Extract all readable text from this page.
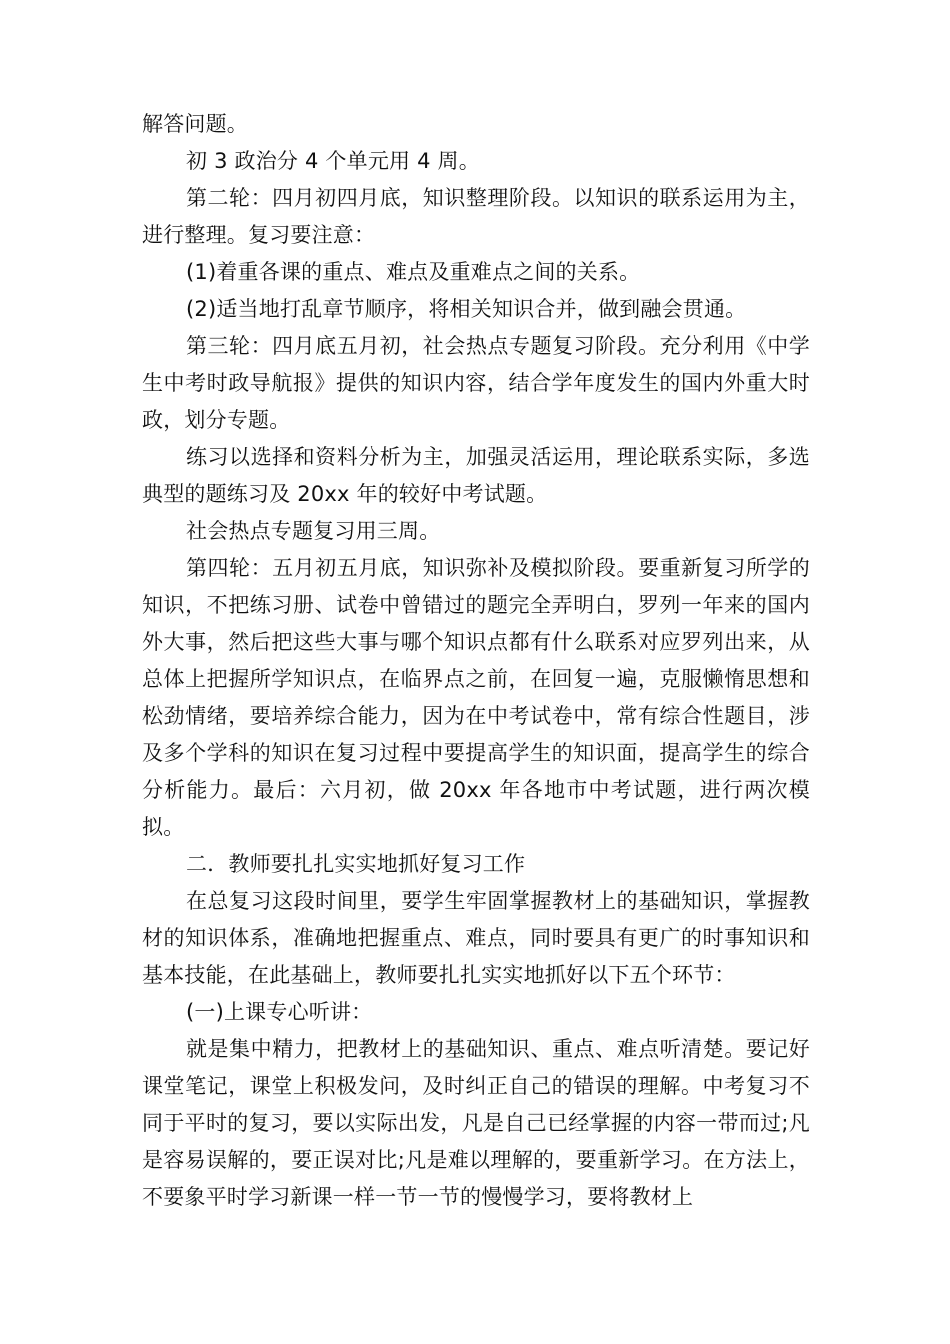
解答问题。

初 3 政治分 4 个单元用 4 周。

第二轮：四月初四月底，知识整理阶段。以知识的联系运用为主，进行整理。复习要注意：

(1)着重各课的重点、难点及重难点之间的关系。

(2)适当地打乱章节顺序，将相关知识合并，做到融会贯通。

第三轮：四月底五月初，社会热点专题复习阶段。充分利用《中学生中考时政导航报》提供的知识内容，结合学年度发生的国内外重大时政，划分专题。

练习以选择和资料分析为主，加强灵活运用，理论联系实际，多选典型的题练习及 20xx 年的较好中考试题。

社会热点专题复习用三周。

第四轮：五月初五月底，知识弥补及模拟阶段。要重新复习所学的知识，不把练习册、试卷中曾错过的题完全弄明白，罗列一年来的国内外大事，然后把这些大事与哪个知识点都有什么联系对应罗列出来，从总体上把握所学知识点，在临界点之前，在回复一遍，克服懒惰思想和松劲情绪，要培养综合能力，因为在中考试卷中，常有综合性题目，涉及多个学科的知识在复习过程中要提高学生的知识面，提高学生的综合分析能力。最后：六月初，做 20xx 年各地市中考试题，进行两次模拟。

二．教师要扎扎实实地抓好复习工作

在总复习这段时间里，要学生牢固掌握教材上的基础知识，掌握教材的知识体系，准确地把握重点、难点，同时要具有更广的时事知识和基本技能，在此基础上，教师要扎扎实实地抓好以下五个环节：

(一)上课专心听讲：

就是集中精力，把教材上的基础知识、重点、难点听清楚。要记好课堂笔记，课堂上积极发问，及时纠正自己的错误的理解。中考复习不同于平时的复习，要以实际出发，凡是自己已经掌握的内容一带而过;凡是容易误解的，要正误对比;凡是难以理解的，要重新学习。在方法上，不要象平时学习新课一样一节一节的慢慢学习，要将教材上
